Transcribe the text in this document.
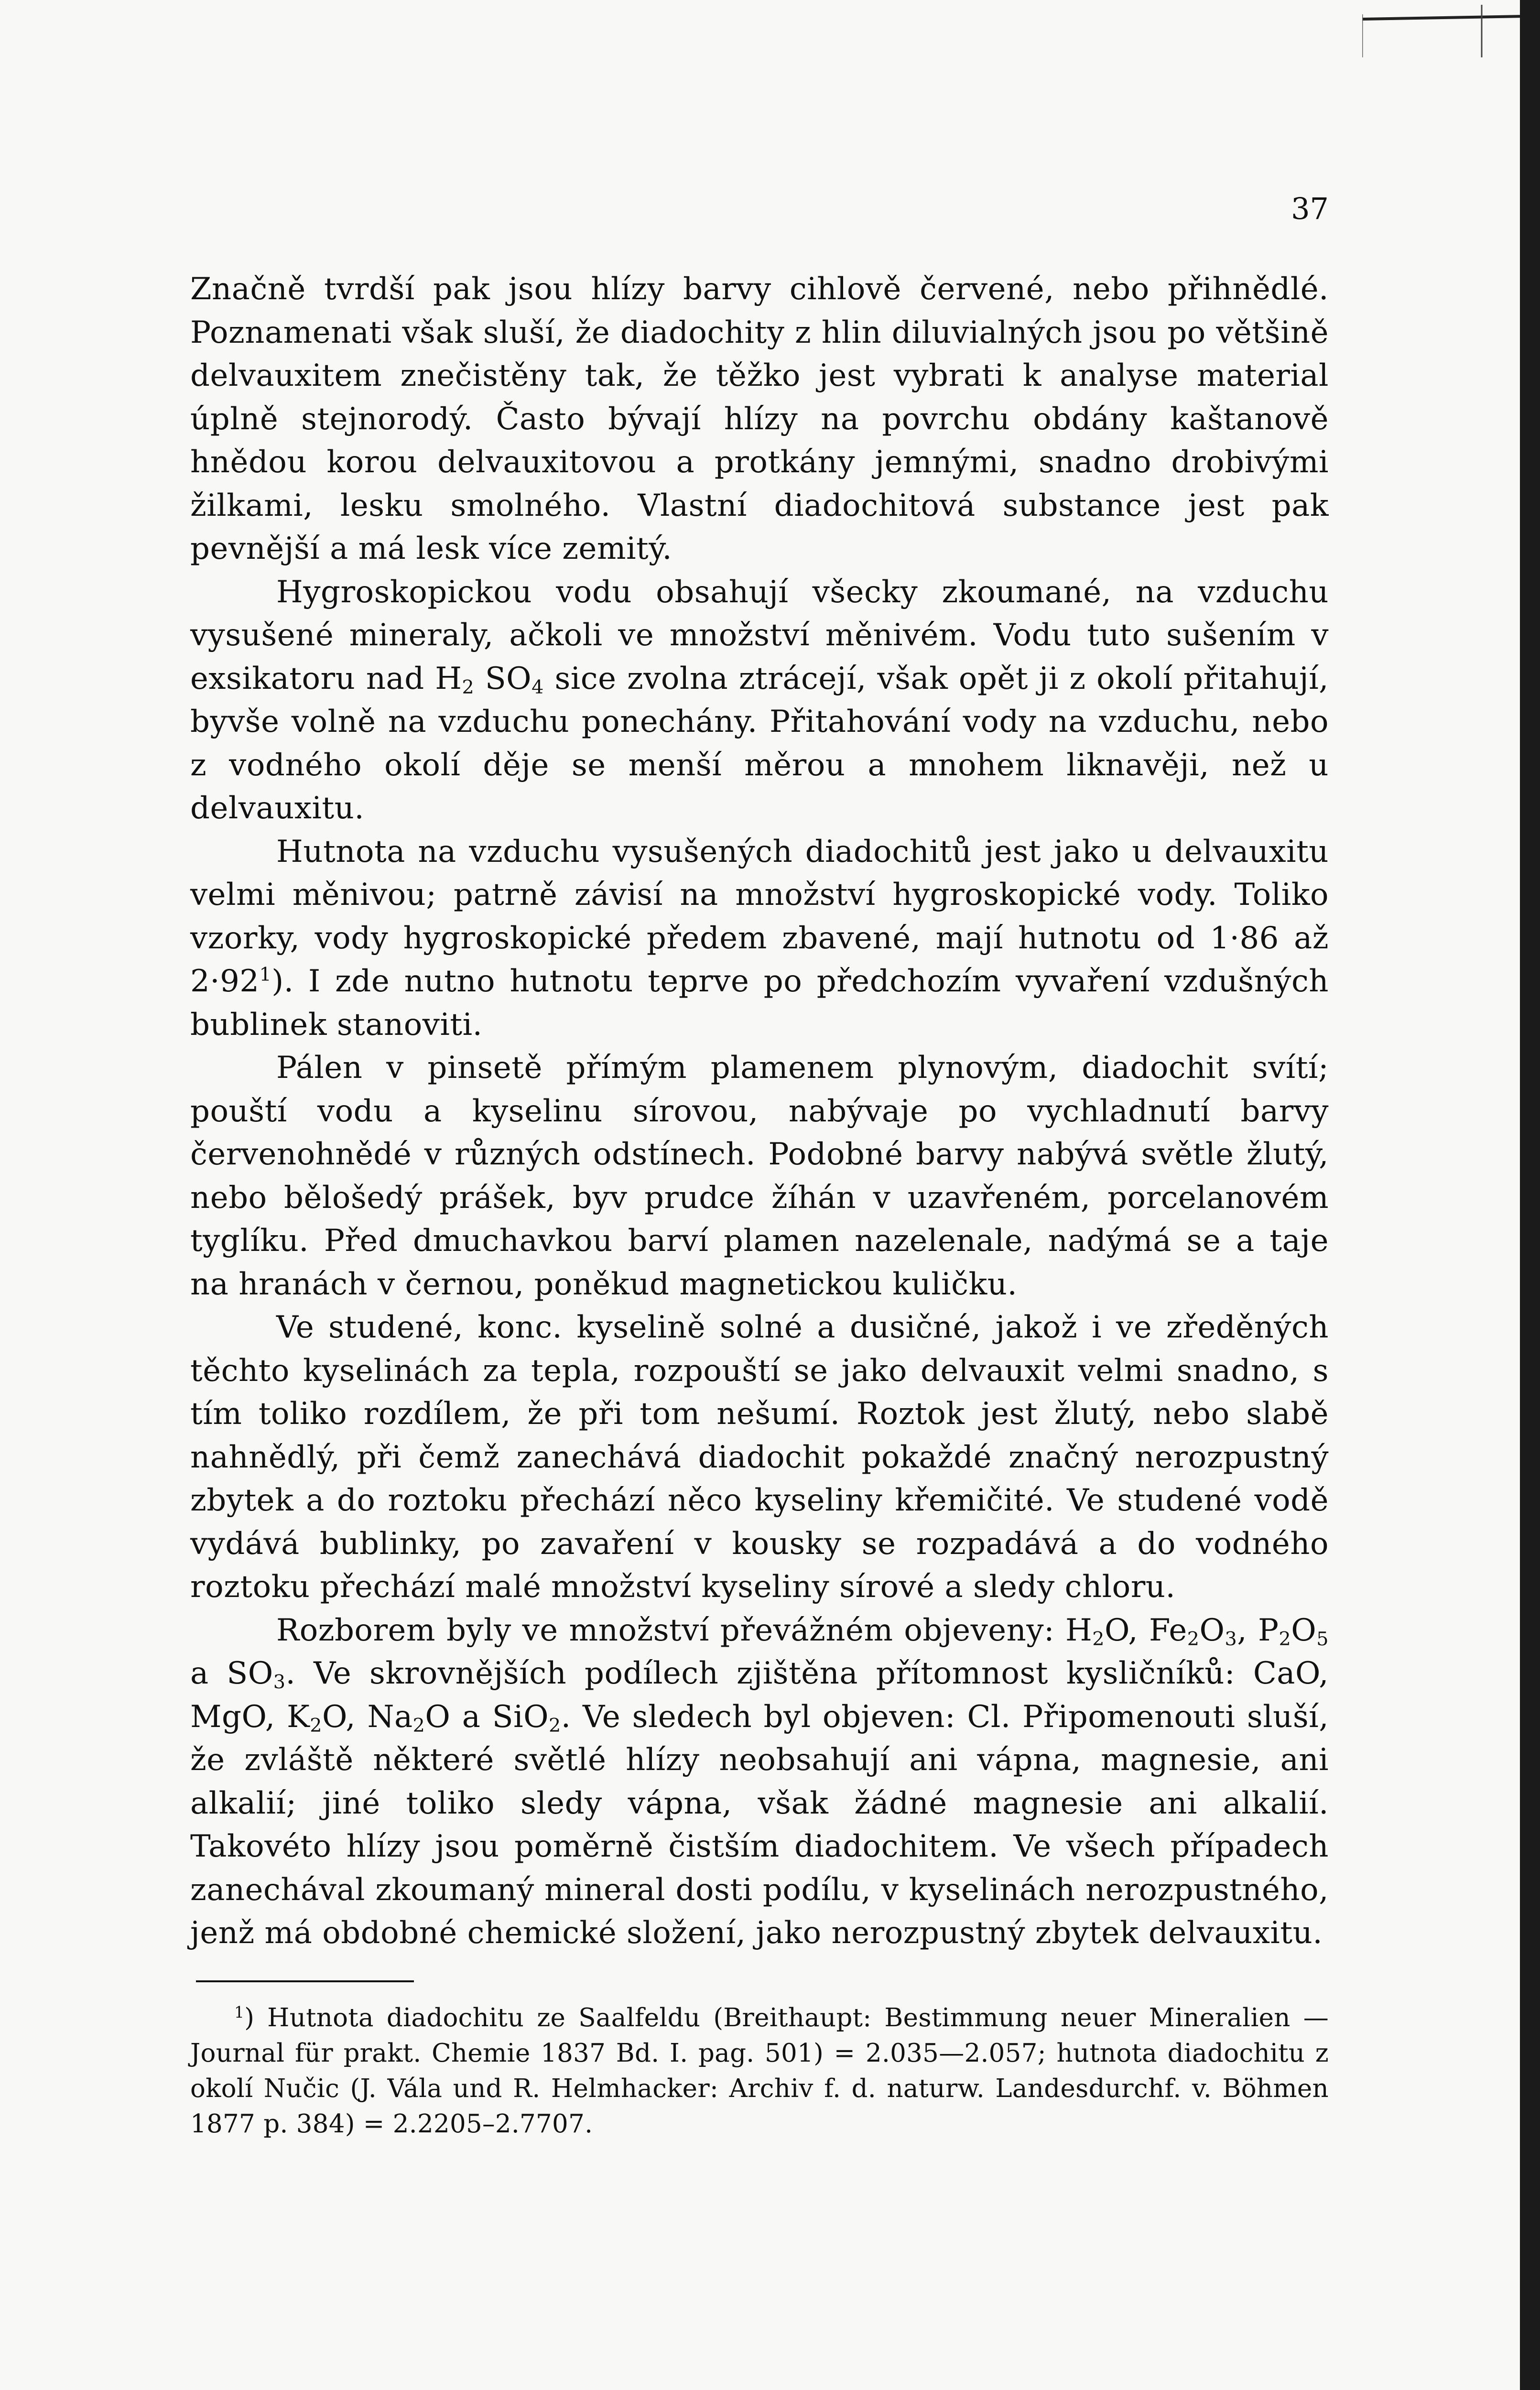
37

Značně tvrdší pak jsou hlízy barvy cihlově červené, nebo přihnědlé. Poznamenati však sluší, že diadochity z hlin diluvialných jsou po většině delvauxitem znečistěny tak, že těžko jest vybrati k analyse material úplně stejnorodý. Často bývají hlízy na povrchu obdány kaštanově hnědou korou delvauxitovou a protkány jemnými, snadno drobivými žilkami, lesku smolného. Vlastní diadochitová substance jest pak pevnější a má lesk více zemitý.

Hygroskopickou vodu obsahují všecky zkoumané, na vzduchu vysušené mineraly, ačkoli ve množství měnivém. Vodu tuto sušením v exsikatoru nad $H_2$ $SO_4$ sice zvolna ztrácejí, však opět ji z okolí přitahují, byvše volně na vzduchu ponechány. Přitahování vody na vzduchu, nebo z vodného okolí děje se menší měrou a mnohem liknavěji, než u delvauxitu.

Hutnota na vzduchu vysušených diadochitů jest jako u delvauxitu velmi měnivou; patrně závisí na množství hygroskopické vody. Toliko vzorky, vody hygroskopické předem zbavené, mají hutnotu od 1·86 až $2\cdot 92^1$). I zde nutno hutnotu teprve po předchozím vyvaření vzdušných bublinek stanoviti.

Pálen v pinsetě přímým plamenem plynovým, diadochit svítí; pouští vodu a kyselinu sírovou, nabývaje po vychladnutí barvy červenohnědé v různých odstínech. Podobné barvy nabývá světle žlutý, nebo bělošedý prášek, byv prudce žíhán v uzavřeném, porcelanovém tyglíku. Před dmuchavkou barví plamen nazelenale, nadýmá se a taje na hranách v černou, poněkud magnetickou kuličku.

Ve studené, konc. kyselině solné a dusičné, jakož i ve zředěných těchto kyselinách za tepla, rozpouští se jako delvauxit velmi snadno, s tím toliko rozdílem, že při tom nešumí. Roztok jest žlutý, nebo slabě nahnědlý, při čemž zanechává diadochit pokaždé značný nerozpustný zbytek a do roztoku přechází něco kyseliny křemičité. Ve studené vodě vydává bublinky, po zavaření v kousky se rozpadává a do vodného roztoku přechází malé množství kyseliny sírové a sledy chloru.

Rozborem byly ve množství převážném objeveny: $H_2O$, $Fe_2O_3$, $P_2O_5$ a $SO_3$. Ve skrovnějších podílech zjištěna přítomnost kysličníků: CaO, MgO, $K_2O$, $Na_2O$ a SiO$_2$. Ve sledech byl objeven: Cl. Připomenouti sluší, že zvláště některé světlé hlízy neobsahují ani vápna, magnesie, ani alkalií; jiné toliko sledy vápna, však žádné magnesie ani alkalií. Takovéto hlízy jsou poměrně čistším diadochitem. Ve všech případech zanechával zkoumaný mineral dosti podílu, v kyselinách nerozpustného, jenž má obdobné chemické složení, jako nerozpustný zbytek delvauxitu.

$^1$) Hutnota diadochitu ze Saalfeldu (Breithaupt: Bestimmung neuer Mineralien — Journal für prakt. Chemie 1837 Bd. I. pag. 501) = 2.035—2.057; hutnota diadochitu z okolí Nučic (J. Vála und R. Helmhacker: Archiv f. d. naturw. Landesdurchf. v. Böhmen 1877 p. 384) = 2.2205–2.7707.
